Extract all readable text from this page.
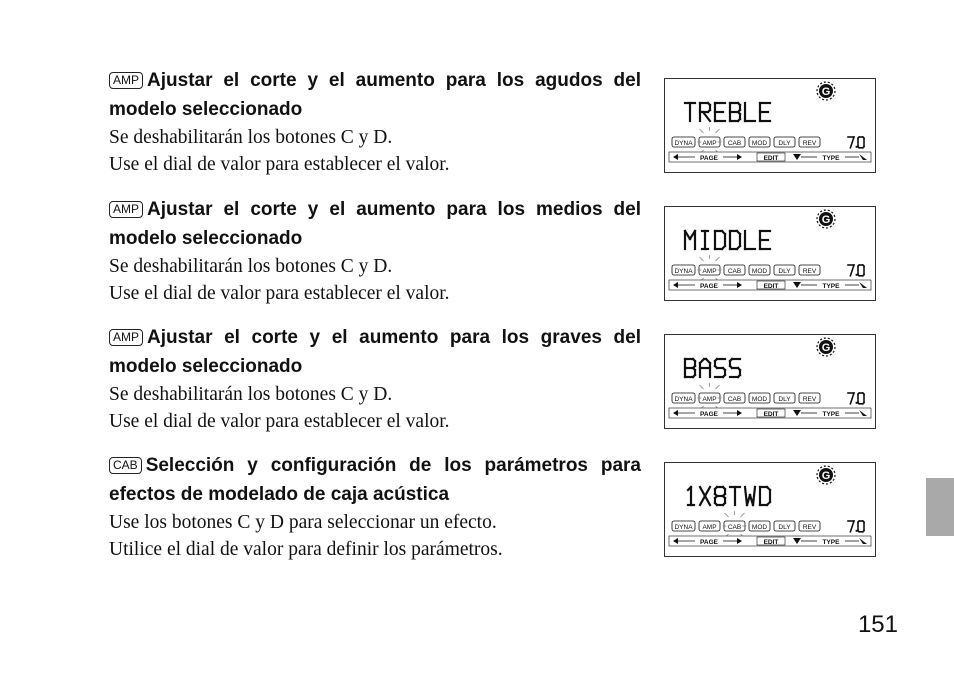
AMP Ajustar el corte y el aumento para los agudos del modelo seleccionado

Se deshabilitarán los botones C y D.

Use el dial de valor para establecer el valor.

AMP Ajustar el corte y el aumento para los medios del modelo seleccionado

Se deshabilitarán los botones C y D.

Use el dial de valor para establecer el valor.

AMP Ajustar el corte y el aumento para los graves del modelo seleccionado

Se deshabilitarán los botones C y D.

Use el dial de valor para establecer el valor.

CAB Selección y configuración de los parámetros para efectos de modelado de caja acústica

Use los botones C y D para seleccionar un efecto.

Utilice el dial de valor para definir los parámetros.

G
DYNA AMP CAB MOD DLY REV
PAGE	EDIT	TYPE
G
DYNA AMP CAB MOD DLY REV
PAGE	EDIT	TYPE
G
DYNA AMP CAB MOD DLY REV
PAGE	EDIT	TYPE
G
DYNA AMP CAB MOD DLY REV
PAGE	EDIT	TYPE
151
